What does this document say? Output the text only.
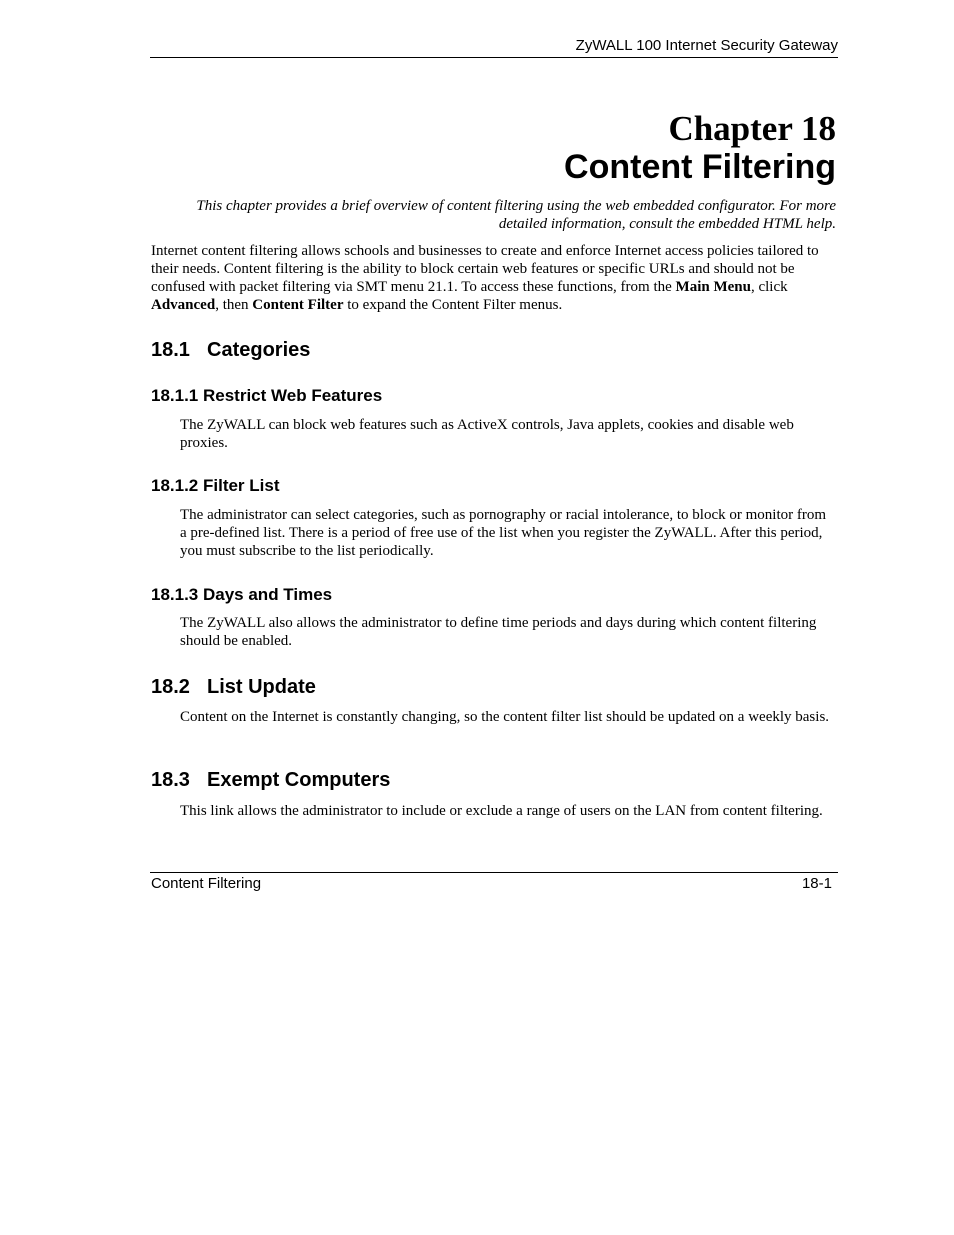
ZyWALL 100 Internet Security Gateway
Chapter 18
Content Filtering
This chapter provides a brief overview of content filtering using the web embedded configurator. For more
detailed information, consult the embedded HTML help.

Internet content filtering allows schools and businesses to create and enforce Internet access policies tailored to their needs. Content filtering is the ability to block certain web features or specific URLs and should not be confused with packet filtering via SMT menu 21.1. To access these functions, from the Main Menu, click Advanced, then Content Filter to expand the Content Filter menus.

18.1 Categories
18.1.1 Restrict Web Features

The ZyWALL can block web features such as ActiveX controls, Java applets, cookies and disable web proxies.

18.1.2 Filter List

The administrator can select categories, such as pornography or racial intolerance, to block or monitor from a pre-defined list. There is a period of free use of the list when you register the ZyWALL. After this period, you must subscribe to the list periodically.

18.1.3 Days and Times

The ZyWALL also allows the administrator to define time periods and days during which content filtering should be enabled.

18.2 List Update

Content on the Internet is constantly changing, so the content filter list should be updated on a weekly basis.

18.3 Exempt Computers

This link allows the administrator to include or exclude a range of users on the LAN from content filtering.

Content Filtering	18-1
